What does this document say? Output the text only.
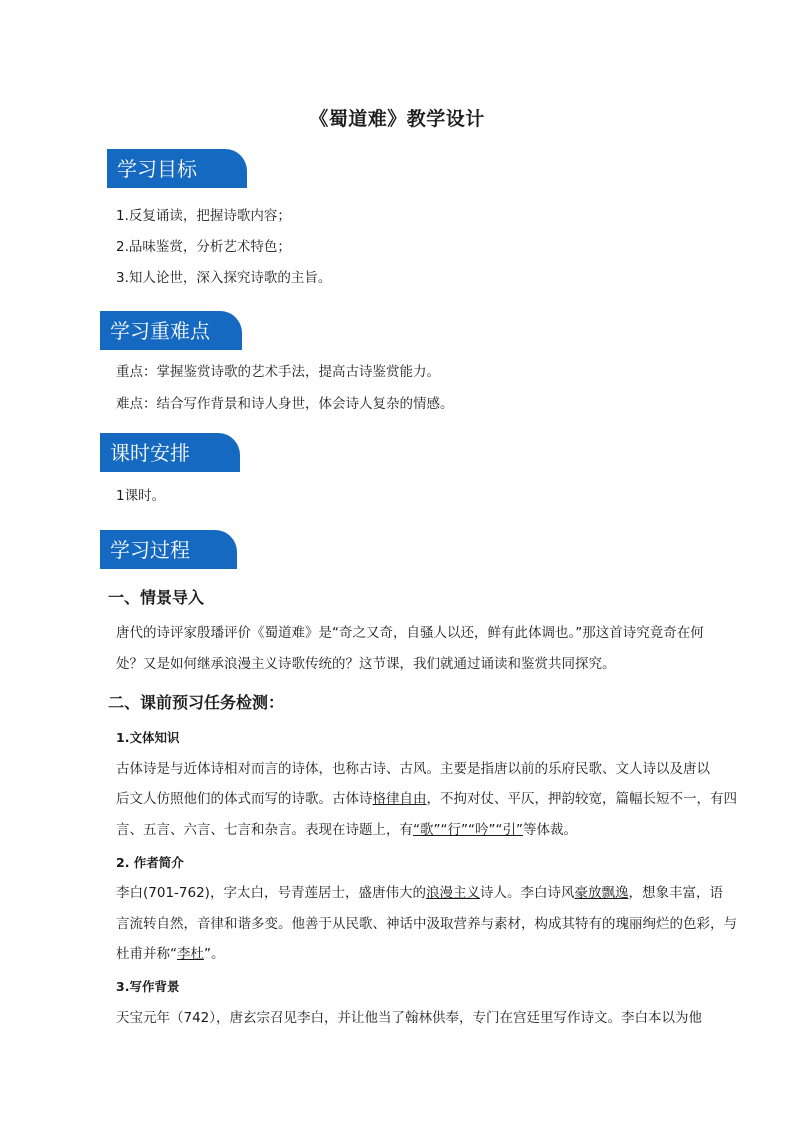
《蜀道难》教学设计
学习目标
1.反复诵读，把握诗歌内容；
2.品味鉴赏，分析艺术特色；
3.知人论世，深入探究诗歌的主旨。
学习重难点
重点：掌握鉴赏诗歌的艺术手法，提高古诗鉴赏能力。
难点：结合写作背景和诗人身世，体会诗人复杂的情感。
课时安排
1课时。
学习过程
一、情景导入
唐代的诗评家殷璠评价《蜀道难》是“奇之又奇，自骚人以还，鲜有此体调也。”那这首诗究竟奇在何
处？又是如何继承浪漫主义诗歌传统的？这节课，我们就通过诵读和鉴赏共同探究。
二、课前预习任务检测：
1.文体知识
古体诗是与近体诗相对而言的诗体，也称古诗、古风。主要是指唐以前的乐府民歌、文人诗以及唐以
后文人仿照他们的体式而写的诗歌。古体诗格律自由，不拘对仗、平仄，押韵较宽，篇幅长短不一，有四
言、五言、六言、七言和杂言。表现在诗题上，有“歌”“行”“吟”“引”等体裁。
2. 作者简介
李白(701-762)，字太白，号青莲居士，盛唐伟大的浪漫主义诗人。李白诗风豪放飘逸，想象丰富，语
言流转自然，音律和谐多变。他善于从民歌、神话中汲取营养与素材，构成其特有的瑰丽绚烂的色彩，与
杜甫并称“李杜”。
3.写作背景
天宝元年（742），唐玄宗召见李白，并让他当了翰林供奉，专门在宫廷里写作诗文。李白本以为他
